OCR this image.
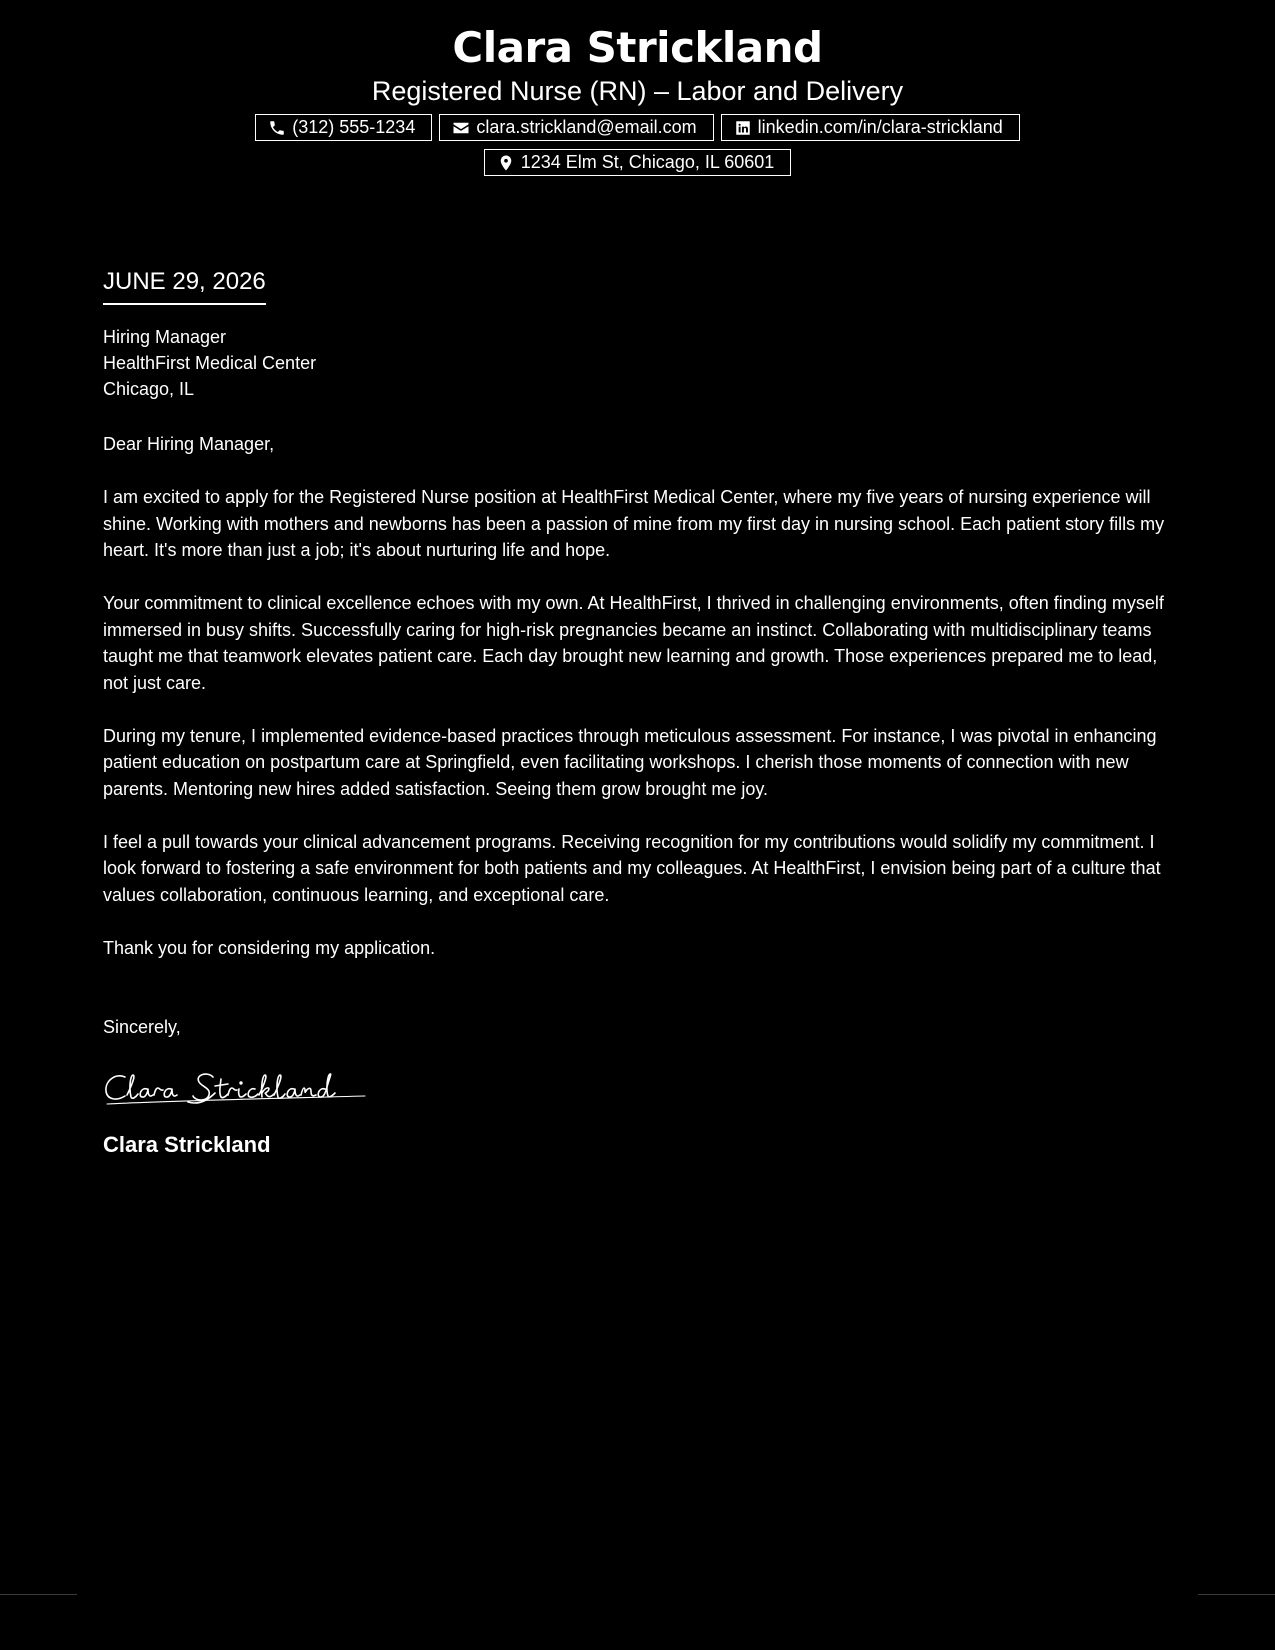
Clara Strickland
Registered Nurse (RN) – Labor and Delivery
(312) 555-1234	clara.strickland@email.com	linkedin.com/in/clara-strickland
1234 Elm St, Chicago, IL 60601
JUNE 29, 2026
Hiring Manager
HealthFirst Medical Center
Chicago, IL
Dear Hiring Manager,
I am excited to apply for the Registered Nurse position at HealthFirst Medical Center, where my five years of nursing experience will shine. Working with mothers and newborns has been a passion of mine from my first day in nursing school. Each patient story fills my heart. It's more than just a job; it's about nurturing life and hope.
Your commitment to clinical excellence echoes with my own. At HealthFirst, I thrived in challenging environments, often finding myself immersed in busy shifts. Successfully caring for high-risk pregnancies became an instinct. Collaborating with multidisciplinary teams taught me that teamwork elevates patient care. Each day brought new learning and growth. Those experiences prepared me to lead, not just care.
During my tenure, I implemented evidence-based practices through meticulous assessment. For instance, I was pivotal in enhancing patient education on postpartum care at Springfield, even facilitating workshops. I cherish those moments of connection with new parents. Mentoring new hires added satisfaction. Seeing them grow brought me joy.
I feel a pull towards your clinical advancement programs. Receiving recognition for my contributions would solidify my commitment. I look forward to fostering a safe environment for both patients and my colleagues. At HealthFirst, I envision being part of a culture that values collaboration, continuous learning, and exceptional care.
Thank you for considering my application.
Sincerely,
Clara Strickland
